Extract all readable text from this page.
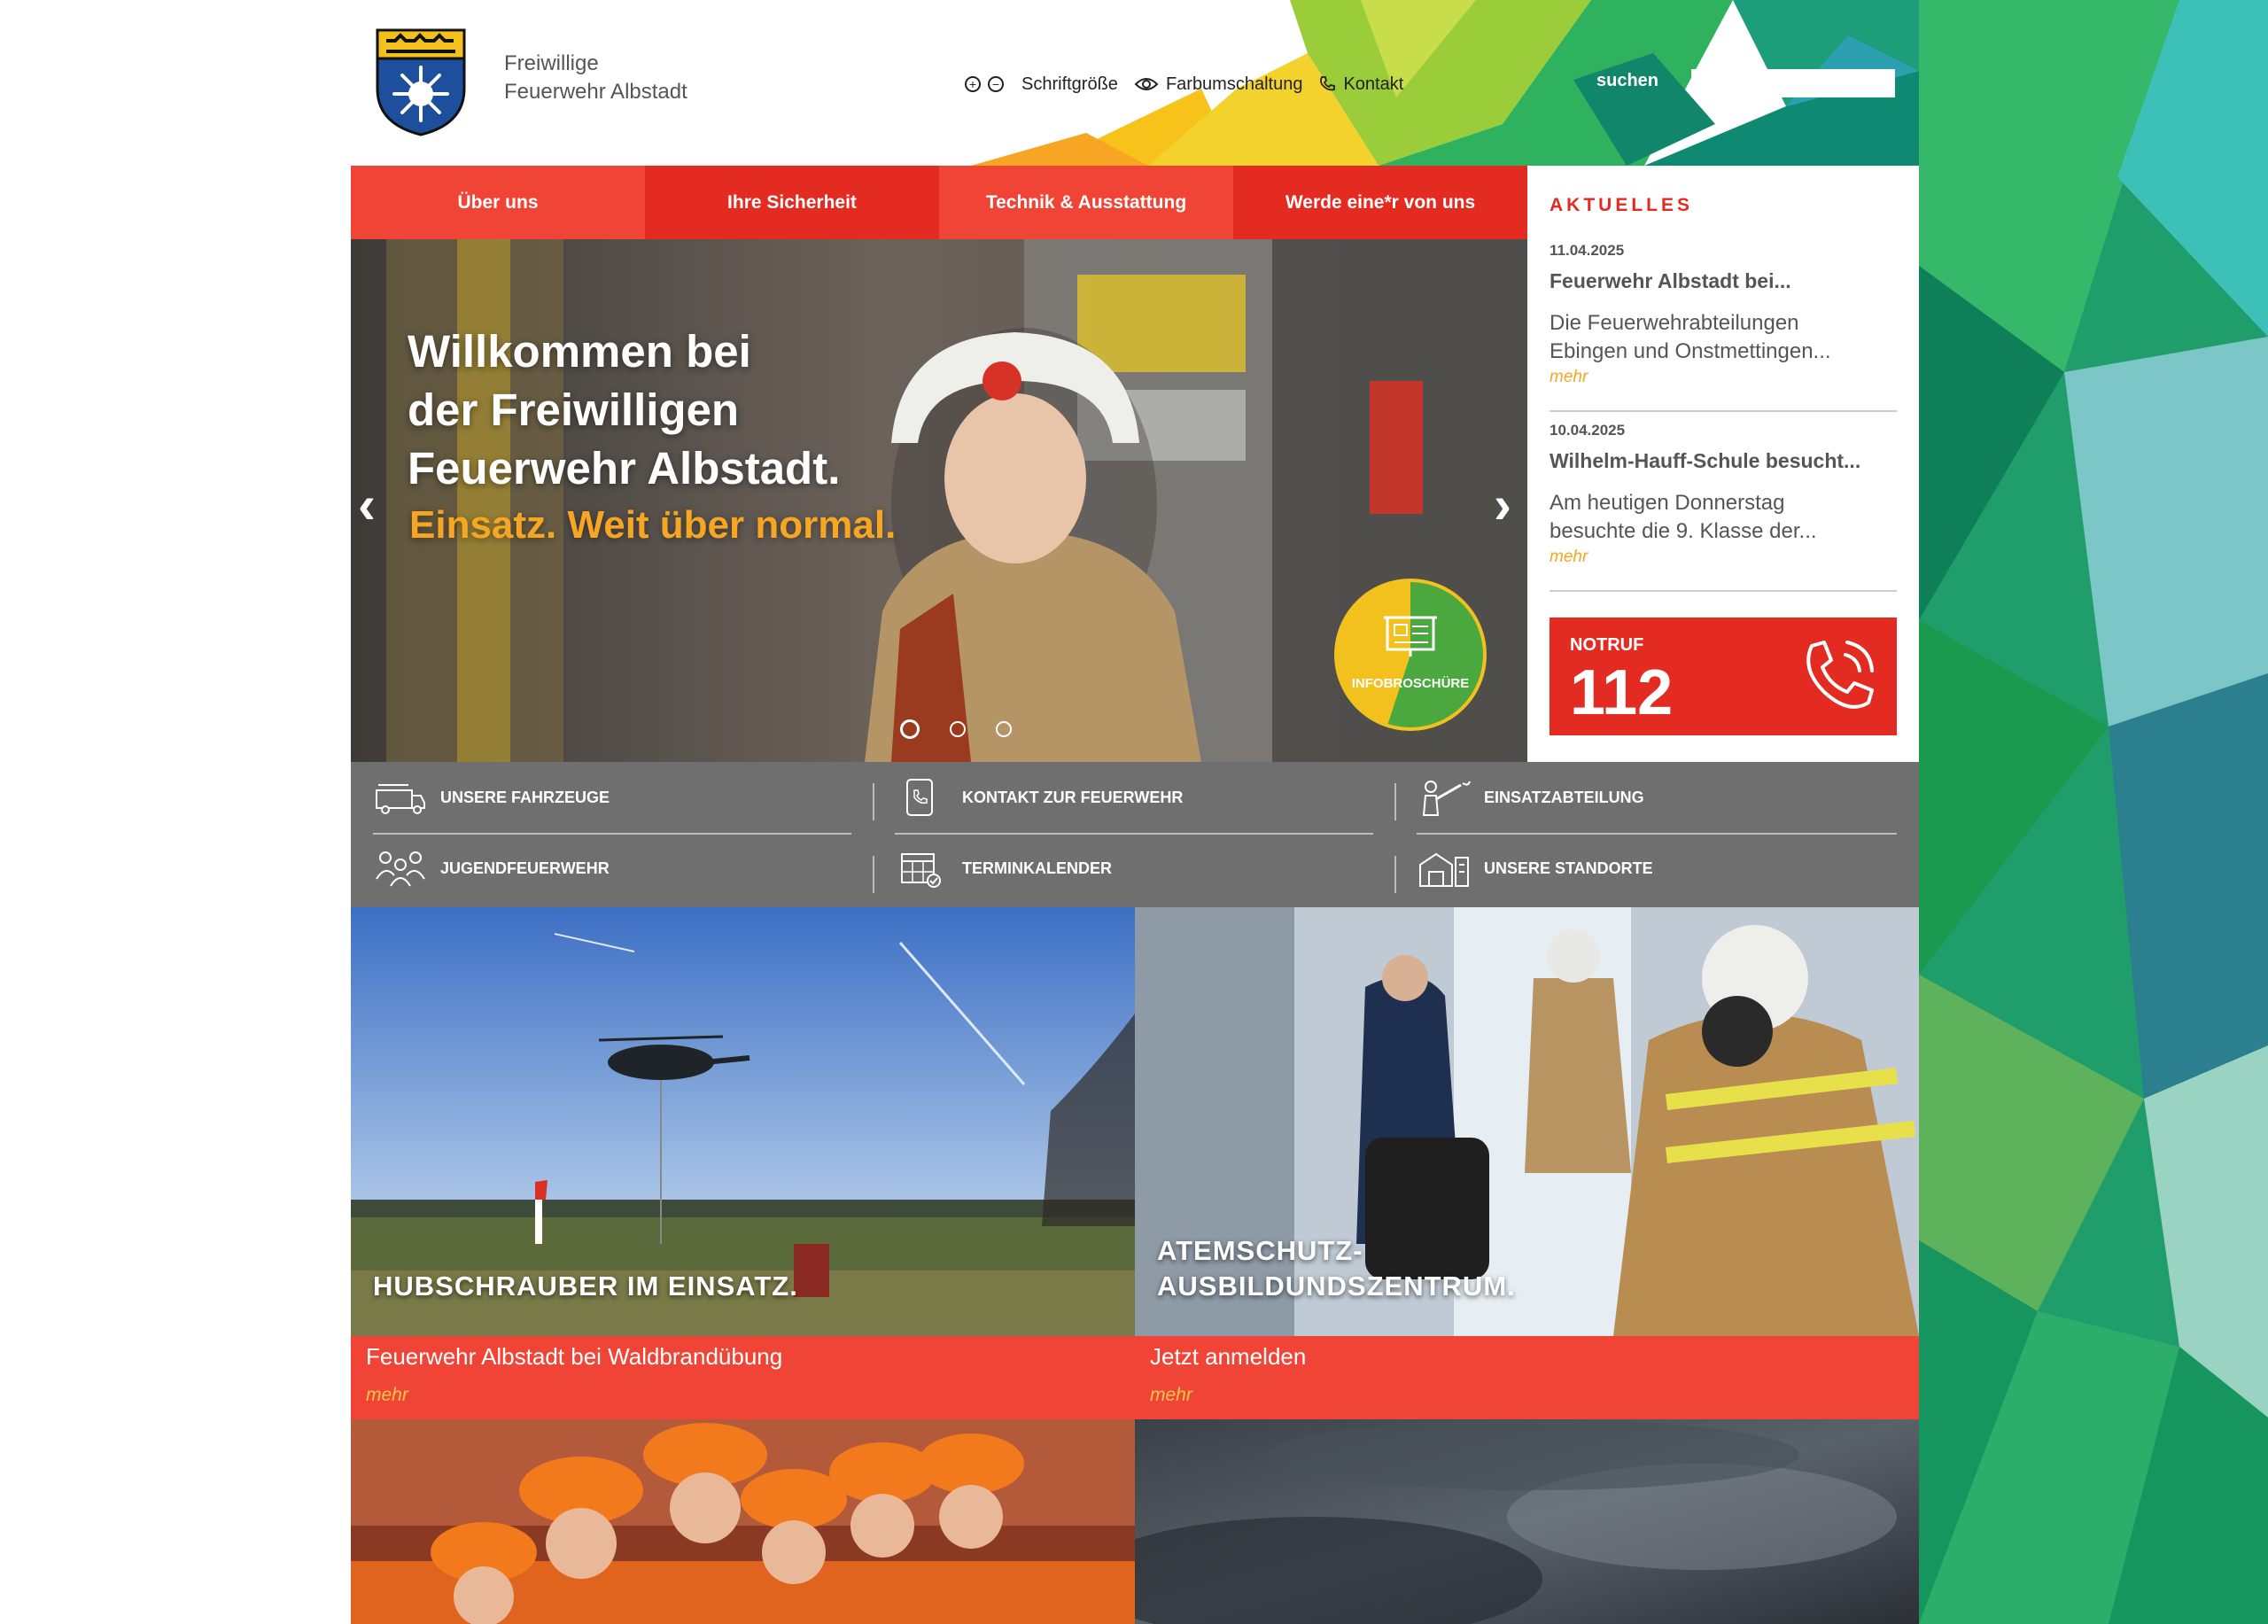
Freiwillige
Feuerwehr Albstadt	+	− Schriftgröße	Farbumschaltung Kontakt	suchen
Über uns	Ihre Sicherheit	Technik & Ausstattung	Werde eine*r von uns
Willkommen bei
der Freiwilligen
Feuerwehr Albstadt.
Einsatz. Weit über normal.
‹	›
INFOBROSCHÜRE
AKTUELLES
11.04.2025
Feuerwehr Albstadt bei...
Die Feuerwehrabteilungen
Ebingen und Onstmettingen...
mehr
10.04.2025
Wilhelm-Hauff-Schule besucht...
Am heutigen Donnerstag
besuchte die 9. Klasse der...
mehr
NOTRUF
112
UNSERE FAHRZEUGE	KONTAKT ZUR FEUERWEHR	EINSATZABTEILUNG
JUGENDFEUERWEHR	TERMINKALENDER	UNSERE STANDORTE
HUBSCHRAUBER IM EINSATZ.
Feuerwehr Albstadt bei Waldbrandübung
mehr
ATEMSCHUTZ-
AUSBILDUNDSZENTRUM.
Jetzt anmelden
mehr
